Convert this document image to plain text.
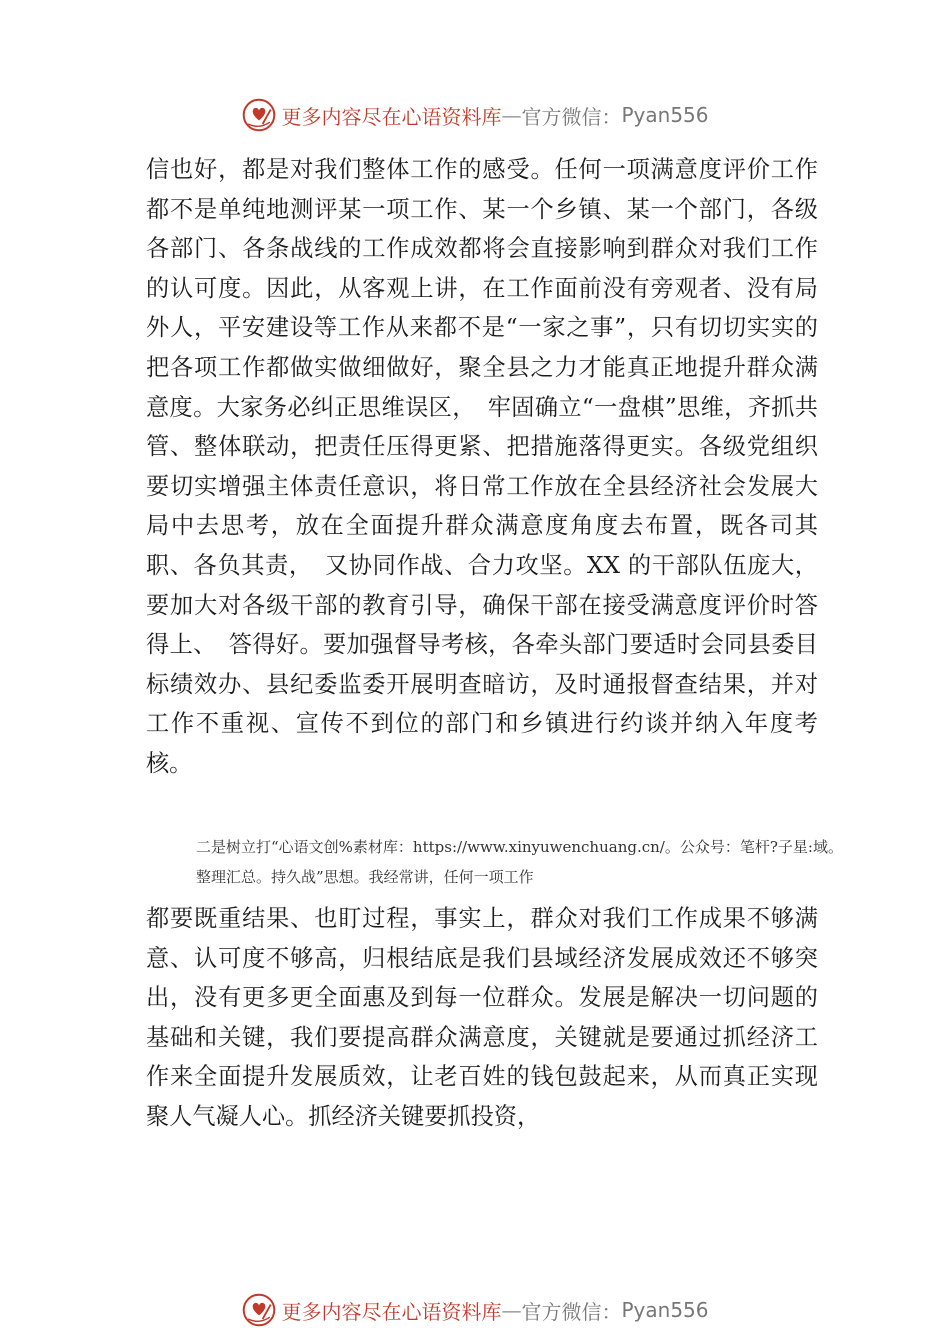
更多内容尽在心语资料库 — 官方微信： Pyan556

信也好，都是对我们整体工作的感受。任何一项满意度评价工作都不是单纯地测评某一项工作、某一个乡镇、某一个部门，各级各部门、各条战线的工作成效都将会直接影响到群众对我们工作的认可度。因此，从客观上讲，在工作面前没有旁观者、没有局外人，平安建设等工作从来都不是“一家之事”，只有切切实实的把各项工作都做实做细做好，聚全县之力才能真正地提升群众满意度。大家务必纠正思维误区，　牢固确立“一盘棋”思维，齐抓共管、整体联动，把责任压得更紧、把措施落得更实。各级党组织要切实增强主体责任意识，将日常工作放在全县经济社会发展大局中去思考，放在全面提升群众满意度角度去布置，既各司其职、各负其责，　又协同作战、合力攻坚。XX 的干部队伍庞大，要加大对各级干部的教育引导，确保干部在接受满意度评价时答得上、　答得好。要加强督导考核，各牵头部门要适时会同县委目标绩效办、县纪委监委开展明查暗访，及时通报督查结果，并对工作不重视、宣传不到位的部门和乡镇进行约谈并纳入年度考核。

二是树立打“心语文创%素材库：https://www.xinyuwenchuang.cn/。公众号：笔杆?子星:域。整理汇总。持久战”思想。我经常讲，任何一项工作

都要既重结果、也盯过程，事实上，群众对我们工作成果不够满意、认可度不够高，归根结底是我们县域经济发展成效还不够突出，没有更多更全面惠及到每一位群众。发展是解决一切问题的基础和关键，我们要提高群众满意度，关键就是要通过抓经济工作来全面提升发展质效，让老百姓的钱包鼓起来，从而真正实现聚人气凝人心。抓经济关键要抓投资，

更多内容尽在心语资料库 — 官方微信： Pyan556
